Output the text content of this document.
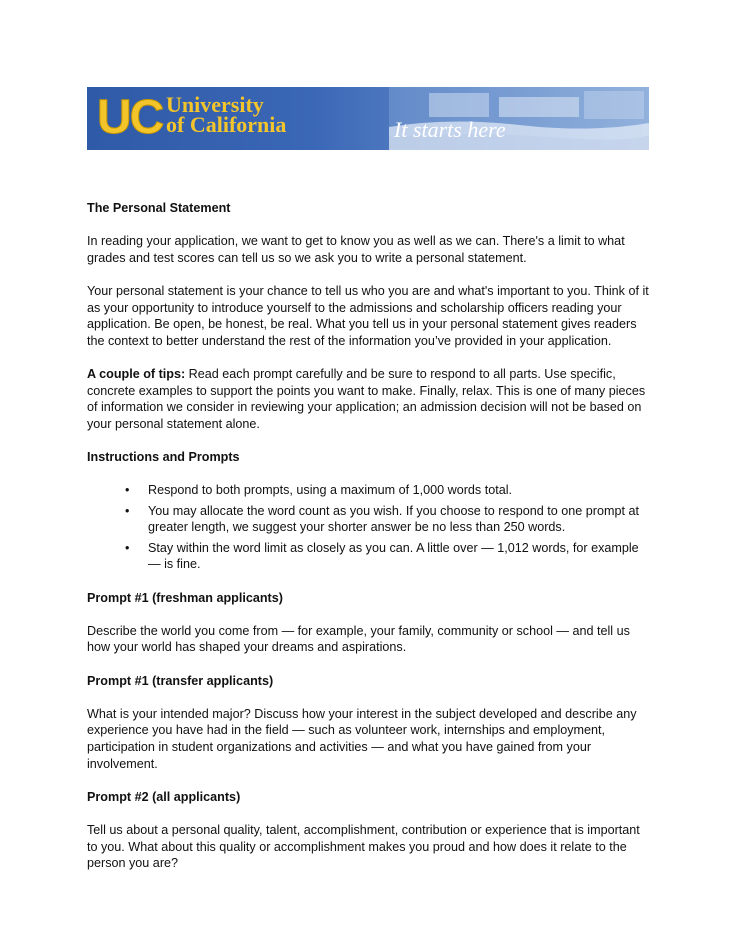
UC University
of California	It starts here

The Personal Statement

In reading your application, we want to get to know you as well as we can. There's a limit to what grades and test scores can tell us so we ask you to write a personal statement.

Your personal statement is your chance to tell us who you are and what's important to you. Think of it as your opportunity to introduce yourself to the admissions and scholarship officers reading your application. Be open, be honest, be real. What you tell us in your personal statement gives readers the context to better understand the rest of the information you’ve provided in your application.

A couple of tips: Read each prompt carefully and be sure to respond to all parts. Use specific, concrete examples to support the points you want to make. Finally, relax. This is one of many pieces of information we consider in reviewing your application; an admission decision will not be based on your personal statement alone.

Instructions and Prompts

• Respond to both prompts, using a maximum of 1,000 words total.
• You may allocate the word count as you wish. If you choose to respond to one prompt at greater length, we suggest your shorter answer be no less than 250 words.
• Stay within the word limit as closely as you can. A little over — 1,012 words, for example — is fine.

Prompt #1 (freshman applicants)

Describe the world you come from — for example, your family, community or school — and tell us how your world has shaped your dreams and aspirations.

Prompt #1 (transfer applicants)

What is your intended major? Discuss how your interest in the subject developed and describe any experience you have had in the field — such as volunteer work, internships and employment, participation in student organizations and activities — and what you have gained from your involvement.

Prompt #2 (all applicants)

Tell us about a personal quality, talent, accomplishment, contribution or experience that is important to you. What about this quality or accomplishment makes you proud and how does it relate to the person you are?
